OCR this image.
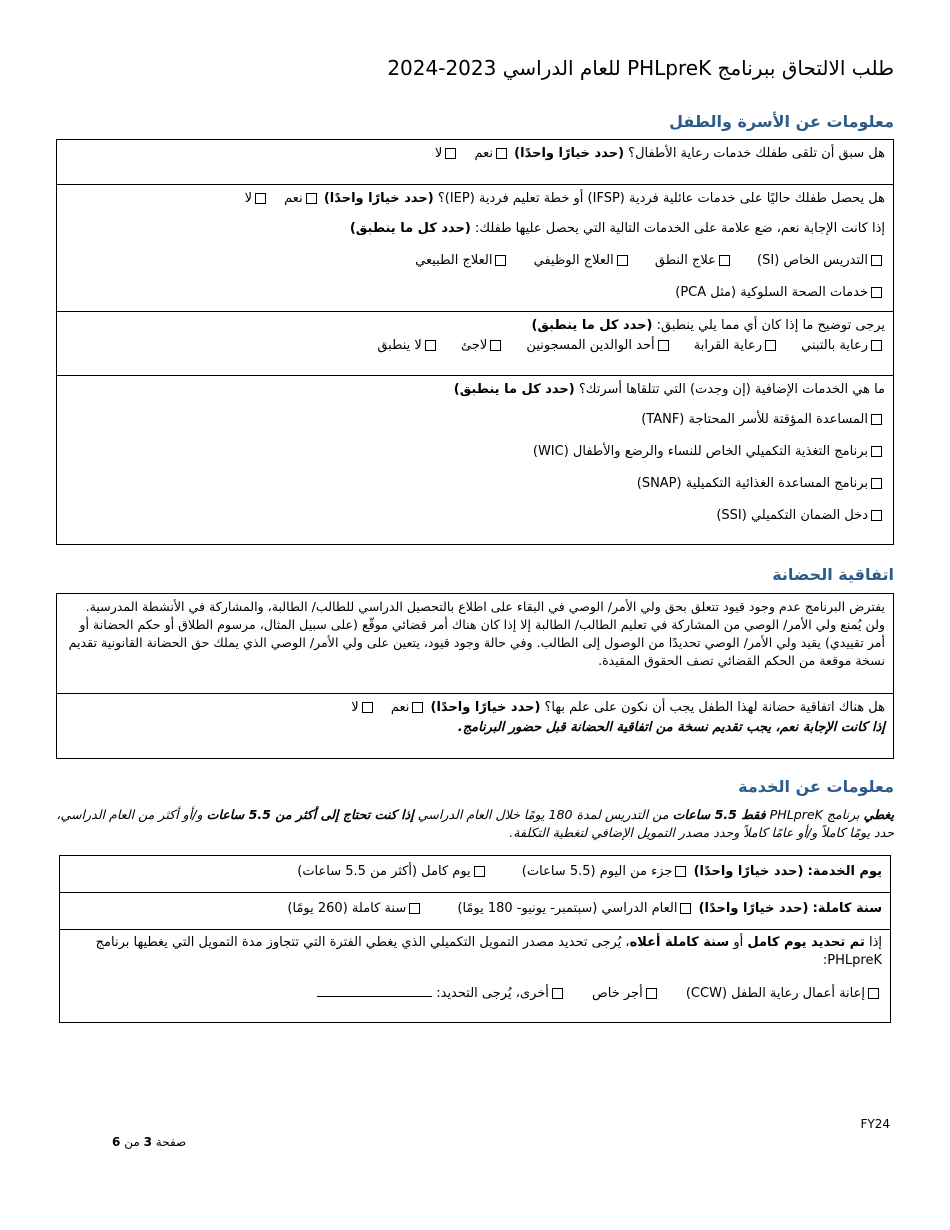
طلب الالتحاق ببرنامج PHLpreK للعام الدراسي 2023-2024
معلومات عن الأسرة والطفل
هل سبق أن تلقى طفلك خدمات رعاية الأطفال؟ (حدد خيارًا واحدًا) نعم لا
هل يحصل طفلك حاليًا على خدمات عائلية فردية (IFSP) أو خطة تعليم فردية (IEP)؟ (حدد خيارًا واحدًا) نعم لا
إذا كانت الإجابة نعم، ضع علامة على الخدمات التالية التي يحصل عليها طفلك: (حدد كل ما ينطبق)
التدريس الخاص (SI) علاج النطق العلاج الوظيفي العلاج الطبيعي
خدمات الصحة السلوكية (مثل PCA)
يرجى توضيح ما إذا كان أي مما يلي ينطبق: (حدد كل ما ينطبق)
رعاية بالتبني رعاية القرابة أحد الوالدين المسجونين لاجئ لا ينطبق
ما هي الخدمات الإضافية (إن وجدت) التي تتلقاها أسرتك؟ (حدد كل ما ينطبق)
المساعدة المؤقتة للأسر المحتاجة (TANF)
برنامج التغذية التكميلي الخاص للنساء والرضع والأطفال (WIC)
برنامج المساعدة الغذائية التكميلية (SNAP)
دخل الضمان التكميلي (SSI)
اتفاقية الحضانة
يفترض البرنامج عدم وجود قيود تتعلق بحق ولي الأمر/ الوصي في البقاء على اطلاع بالتحصيل الدراسي للطالب/ الطالبة، والمشاركة في الأنشطة المدرسية. ولن يُمنع ولي الأمر/ الوصي من المشاركة في تعليم الطالب/ الطالبة إلا إذا كان هناك أمر قضائي موقّع (على سبيل المثال، مرسوم الطلاق أو حكم الحضانة أو أمر تقييدي) يقيد ولي الأمر/ الوصي تحديدًا من الوصول إلى الطالب. وفي حالة وجود قيود، يتعين على ولي الأمر/ الوصي الذي يملك حق الحضانة القانونية تقديم نسخة موقعة من الحكم القضائي تصف الحقوق المقيدة.
هل هناك اتفاقية حضانة لهذا الطفل يجب أن نكون على علم بها؟ (حدد خيارًا واحدًا) نعم لا
إذا كانت الإجابة نعم، يجب تقديم نسخة من اتفاقية الحضانة قبل حضور البرنامج.
معلومات عن الخدمة
يغطي برنامج PHLpreK فقط 5.5 ساعات من التدريس لمدة 180 يومًا خلال العام الدراسي إذا كنت تحتاج إلى أكثر من 5.5 ساعات و/أو أكثر من العام الدراسي، حدد يومًا كاملاً و/أو عامًا كاملاً وحدد مصدر التمويل الإضافي لتغطية التكلفة.
يوم الخدمة: (حدد خيارًا واحدًا) جزء من اليوم (5.5 ساعات) يوم كامل (أكثر من 5.5 ساعات)
سنة كاملة: (حدد خيارًا واحدًا) العام الدراسي (سبتمبر- يونيو- 180 يومًا) سنة كاملة (260 يومًا)
إذا تم تحديد يوم كامل أو سنة كاملة أعلاه، يُرجى تحديد مصدر التمويل التكميلي الذي يغطي الفترة التي تتجاوز مدة التمويل التي يغطيها برنامج PHLpreK:
إعانة أعمال رعاية الطفل (CCW) أجر خاص أخرى، يُرجى التحديد:
FY24
صفحة 3 من 6
